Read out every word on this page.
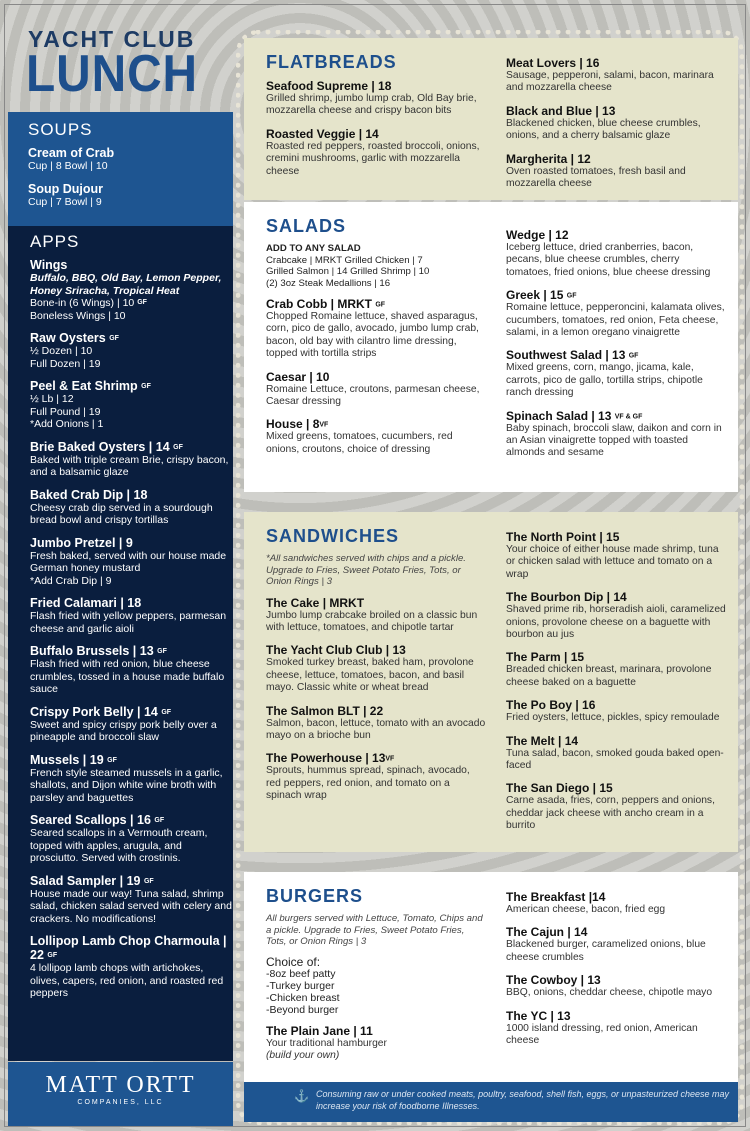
YACHT CLUB
LUNCH
SOUPS
Cream of Crab
Cup | 8 Bowl | 10
Soup Dujour
Cup | 7 Bowl | 9
APPS
Wings
Buffalo, BBQ, Old Bay, Lemon Pepper, Honey Sriracha, Tropical Heat
Bone-in (6 Wings) | 10 GF
Boneless Wings | 10
Raw Oysters GF
½ Dozen | 10
Full Dozen | 19
Peel & Eat Shrimp GF
½ Lb | 12
Full Pound | 19
*Add Onions | 1
Brie Baked Oysters | 14 GF
Baked with triple cream Brie, crispy bacon, and a balsamic glaze
Baked Crab Dip | 18
Cheesy crab dip served in a sourdough bread bowl and crispy tortillas
Jumbo Pretzel | 9
Fresh baked, served with our house made German honey mustard
*Add Crab Dip | 9
Fried Calamari | 18
Flash fried with yellow peppers, parmesan cheese and garlic aioli
Buffalo Brussels | 13 GF
Flash fried with red onion, blue cheese crumbles, tossed in a house made buffalo sauce
Crispy Pork Belly | 14 GF
Sweet and spicy crispy pork belly over a pineapple and broccoli slaw
Mussels | 19 GF
French style steamed mussels in a garlic, shallots, and Dijon white wine broth with parsley and baguettes
Seared Scallops | 16 GF
Seared scallops in a Vermouth cream, topped with apples, arugula, and prosciutto. Served with crostinis.
Salad Sampler | 19 GF
House made our way! Tuna salad, shrimp salad, chicken salad served with celery and crackers. No modifications!
Lollipop Lamb Chop Charmoula | 22 GF
4 lollipop lamb chops with artichokes, olives, capers, red onion, and roasted red peppers
MATT ORTT
COMPANIES, LLC
FLATBREADS
Seafood Supreme | 18
Grilled shrimp, jumbo lump crab, Old Bay brie, mozzarella cheese and crispy bacon bits
Roasted Veggie | 14
Roasted red peppers, roasted broccoli, onions, cremini mushrooms, garlic with mozzarella cheese
Meat Lovers | 16
Sausage, pepperoni, salami, bacon, marinara and mozzarella cheese
Black and Blue | 13
Blackened chicken, blue cheese crumbles, onions, and a cherry balsamic glaze
Margherita | 12
Oven roasted tomatoes, fresh basil and mozzarella cheese
SALADS
ADD TO ANY SALAD
Crabcake | MRKT Grilled Chicken | 7
Grilled Salmon | 14 Grilled Shrimp | 10
(2) 3oz Steak Medallions | 16
Crab Cobb | MRKT GF
Chopped Romaine lettuce, shaved asparagus, corn, pico de gallo, avocado, jumbo lump crab, bacon, old bay with cilantro lime dressing, topped with tortilla strips
Caesar | 10
Romaine Lettuce, croutons, parmesan cheese, Caesar dressing
House | 8VF
Mixed greens, tomatoes, cucumbers, red onions, croutons, choice of dressing
Wedge | 12
Iceberg lettuce, dried cranberries, bacon, pecans, blue cheese crumbles, cherry tomatoes, fried onions, blue cheese dressing
Greek | 15 GF
Romaine lettuce, pepperoncini, kalamata olives, cucumbers, tomatoes, red onion, Feta cheese, salami, in a lemon oregano vinaigrette
Southwest Salad | 13 GF
Mixed greens, corn, mango, jicama, kale, carrots, pico de gallo, tortilla strips, chipotle ranch dressing
Spinach Salad | 13 VF & GF
Baby spinach, broccoli slaw, daikon and corn in an Asian vinaigrette topped with toasted almonds and sesame
SANDWICHES
*All sandwiches served with chips and a pickle. Upgrade to Fries, Sweet Potato Fries, Tots, or Onion Rings | 3
The Cake | MRKT
Jumbo lump crabcake broiled on a classic bun with lettuce, tomatoes, and chipotle tartar
The Yacht Club Club | 13
Smoked turkey breast, baked ham, provolone cheese, lettuce, tomatoes, bacon, and basil mayo. Classic white or wheat bread
The Salmon BLT | 22
Salmon, bacon, lettuce, tomato with an avocado mayo on a brioche bun
The Powerhouse | 13VF
Sprouts, hummus spread, spinach, avocado, red peppers, red onion, and tomato on a spinach wrap
The North Point | 15
Your choice of either house made shrimp, tuna or chicken salad with lettuce and tomato on a wrap
The Bourbon Dip | 14
Shaved prime rib, horseradish aioli, caramelized onions, provolone cheese on a baguette with bourbon au jus
The Parm | 15
Breaded chicken breast, marinara, provolone cheese baked on a baguette
The Po Boy | 16
Fried oysters, lettuce, pickles, spicy remoulade
The Melt | 14
Tuna salad, bacon, smoked gouda baked open-faced
The San Diego | 15
Carne asada, fries, corn, peppers and onions, cheddar jack cheese with ancho cream in a burrito
BURGERS
All burgers served with Lettuce, Tomato, Chips and a pickle. Upgrade to Fries, Sweet Potato Fries, Tots, or Onion Rings | 3
Choice of:
-8oz beef patty
-Turkey burger
-Chicken breast
-Beyond burger
The Plain Jane | 11
Your traditional hamburger
(build your own)
The Breakfast |14
American cheese, bacon, fried egg
The Cajun | 14
Blackened burger, caramelized onions, blue cheese crumbles
The Cowboy | 13
BBQ, onions, cheddar cheese, chipotle mayo
The YC | 13
1000 island dressing, red onion, American cheese
⚓ Consuming raw or under cooked meats, poultry, seafood, shell fish, eggs, or unpasteurized cheese may increase your risk of foodborne Illnesses.
